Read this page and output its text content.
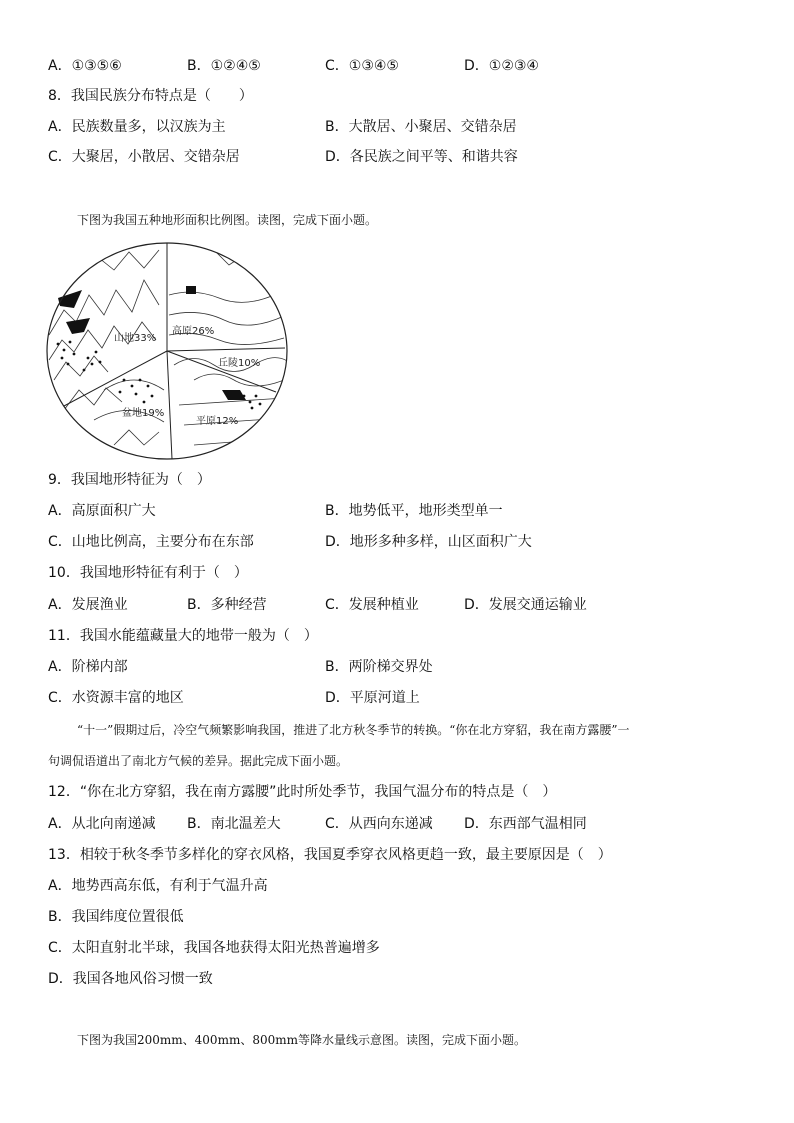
A．①③⑤⑥	B．①②④⑤	C．①③④⑤	D．①②③④
8．我国民族分布特点是（　　）
A．民族数量多，以汉族为主	B．大散居、小聚居、交错杂居
C．大聚居，小散居、交错杂居	D．各民族之间平等、和谐共容
下图为我国五种地形面积比例图。读图，完成下面小题。
山地33%
高原26%
丘陵10%
平原12%
盆地19%
9．我国地形特征为（　）
A．高原面积广大	B．地势低平，地形类型单一
C．山地比例高，主要分布在东部	D．地形多种多样，山区面积广大
10．我国地形特征有利于（　）
A．发展渔业	B．多种经营	C．发展种植业	D．发展交通运输业
11．我国水能蕴藏量大的地带一般为（　）
A．阶梯内部	B．两阶梯交界处
C．水资源丰富的地区	D．平原河道上
“十一”假期过后，冷空气频繁影响我国，推进了北方秋冬季节的转换。“你在北方穿貂，我在南方露腰”一
句调侃语道出了南北方气候的差异。据此完成下面小题。
12．“你在北方穿貂，我在南方露腰”此时所处季节，我国气温分布的特点是（　）
A．从北向南递减 B．南北温差大	C．从西向东递减 D．东西部气温相同
13．相较于秋冬季节多样化的穿衣风格，我国夏季穿衣风格更趋一致，最主要原因是（　）
A．地势西高东低，有利于气温升高
B．我国纬度位置很低
C．太阳直射北半球，我国各地获得太阳光热普遍增多
D．我国各地风俗习惯一致
下图为我国200mm、400mm、800mm等降水量线示意图。读图，完成下面小题。
